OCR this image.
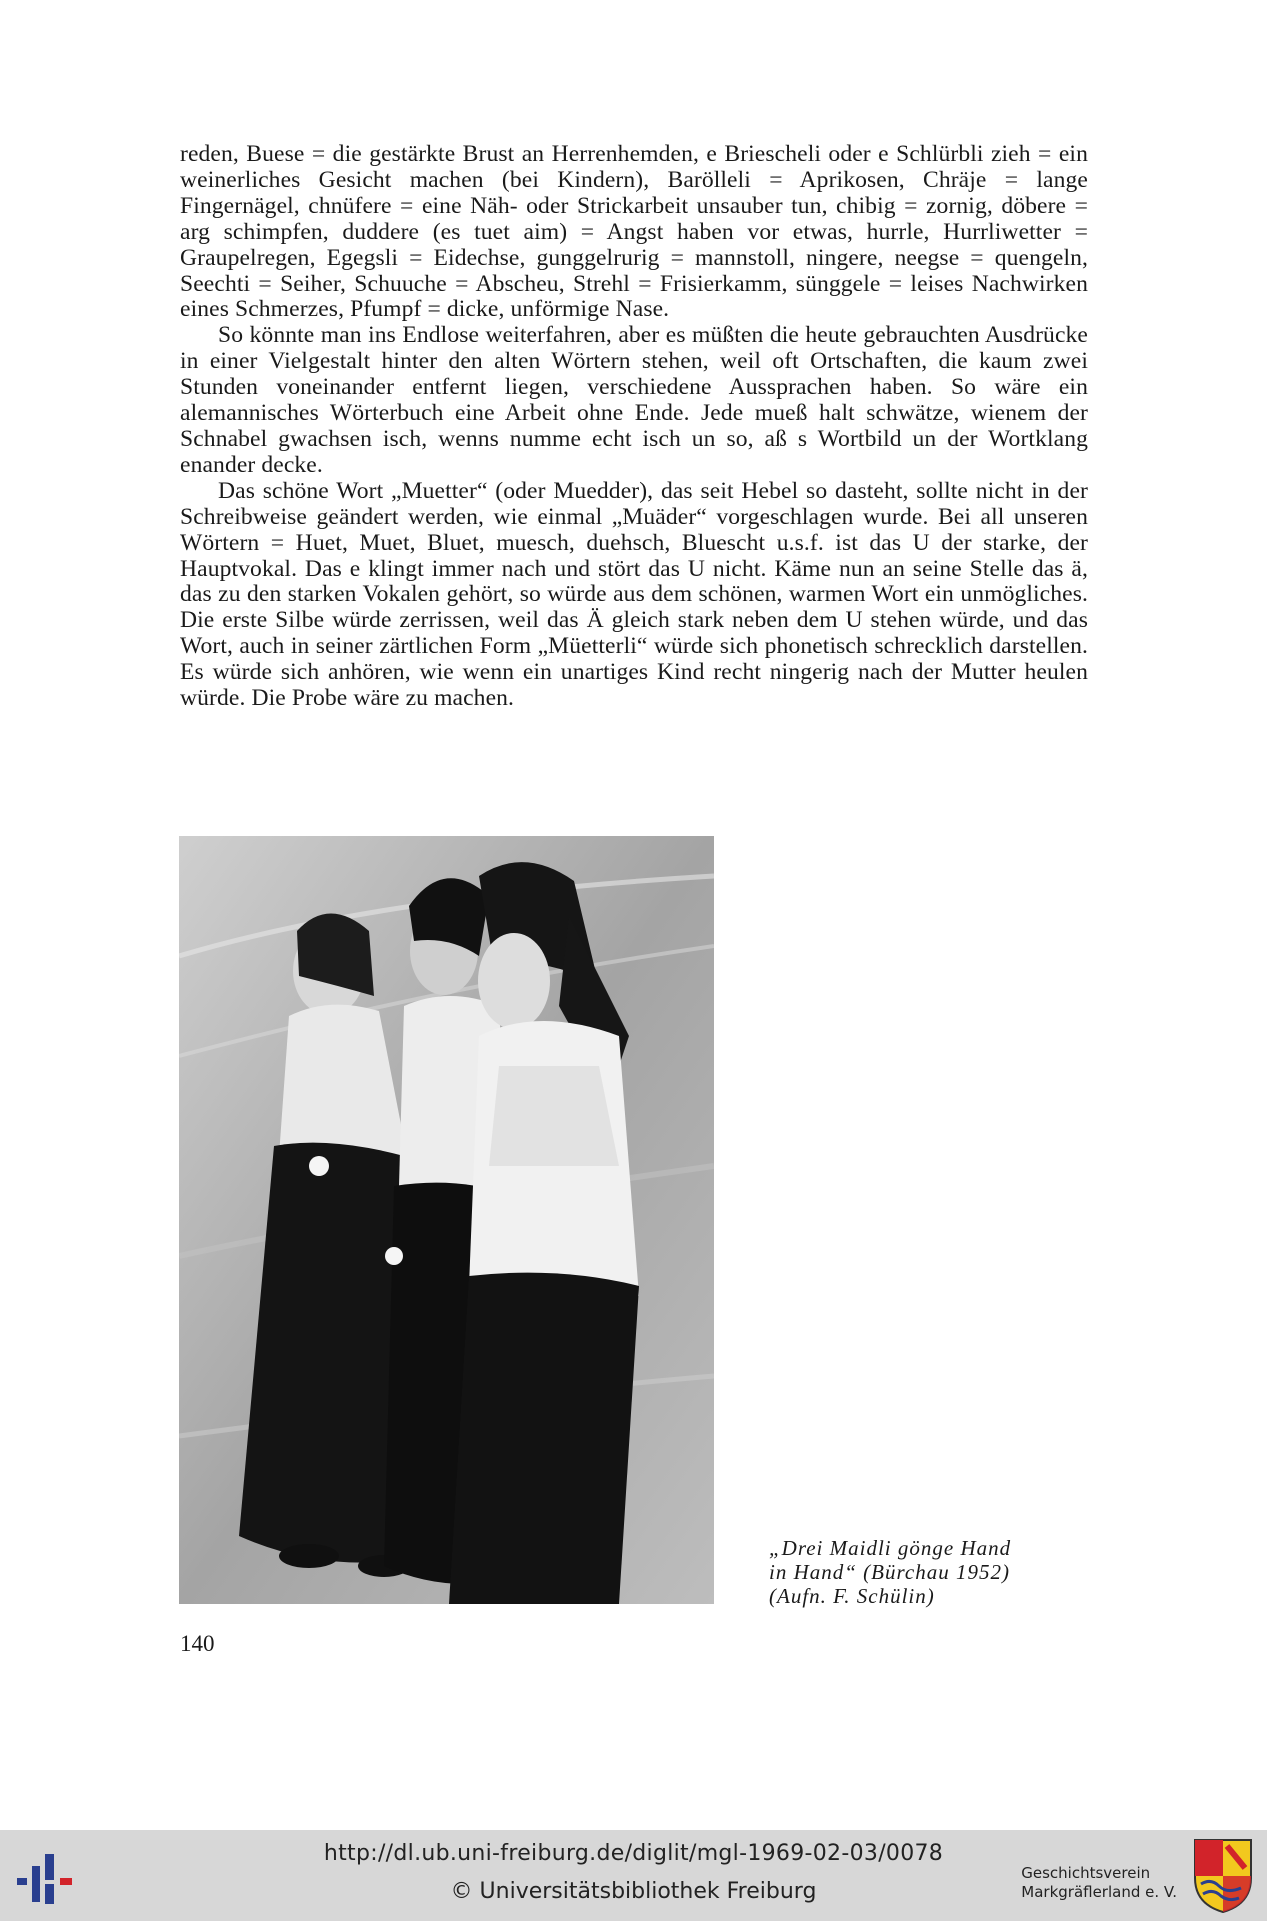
reden, Buese = die gestärkte Brust an Herrenhemden, e Briescheli oder e Schlürbli zieh = ein weinerliches Gesicht machen (bei Kindern), Barölleli = Aprikosen, Chräje = lange Fingernägel, chnüfere = eine Näh- oder Strickarbeit unsauber tun, chibig = zornig, döbere = arg schimpfen, duddere (es tuet aim) = Angst haben vor etwas, hurrle, Hurrliwetter = Graupelregen, Egegsli = Eidechse, gunggelrurig = mannstoll, ningere, neegse = quengeln, Seechti = Seiher, Schuuche = Abscheu, Strehl = Frisierkamm, sünggele = leises Nachwirken eines Schmerzes, Pfumpf = dicke, unförmige Nase.

So könnte man ins Endlose weiterfahren, aber es müßten die heute gebrauchten Ausdrücke in einer Vielgestalt hinter den alten Wörtern stehen, weil oft Ortschaften, die kaum zwei Stunden voneinander entfernt liegen, verschiedene Aussprachen haben. So wäre ein alemannisches Wörterbuch eine Arbeit ohne Ende. Jede mueß halt schwätze, wienem der Schnabel gwachsen isch, wenns numme echt isch un so, aß s Wortbild un der Wortklang enander decke.

Das schöne Wort „Muetter“ (oder Muedder), das seit Hebel so dasteht, sollte nicht in der Schreibweise geändert werden, wie einmal „Muäder“ vorgeschlagen wurde. Bei all unseren Wörtern = Huet, Muet, Bluet, muesch, duehsch, Bluescht u.s.f. ist das U der starke, der Hauptvokal. Das e klingt immer nach und stört das U nicht. Käme nun an seine Stelle das ä, das zu den starken Vokalen gehört, so würde aus dem schönen, warmen Wort ein unmögliches. Die erste Silbe würde zerrissen, weil das Ä gleich stark neben dem U stehen würde, und das Wort, auch in seiner zärtlichen Form „Müetterli“ würde sich phonetisch schrecklich darstellen. Es würde sich anhören, wie wenn ein unartiges Kind recht ningerig nach der Mutter heulen würde. Die Probe wäre zu machen.

„Drei Maidli gönge Hand
in Hand“ (Bürchau 1952)
(Aufn. F. Schülin)
140
http://dl.ub.uni-freiburg.de/diglit/mgl-1969-02-03/0078
© Universitätsbibliothek Freiburg
Geschichtsverein
Markgräflerland e. V.
